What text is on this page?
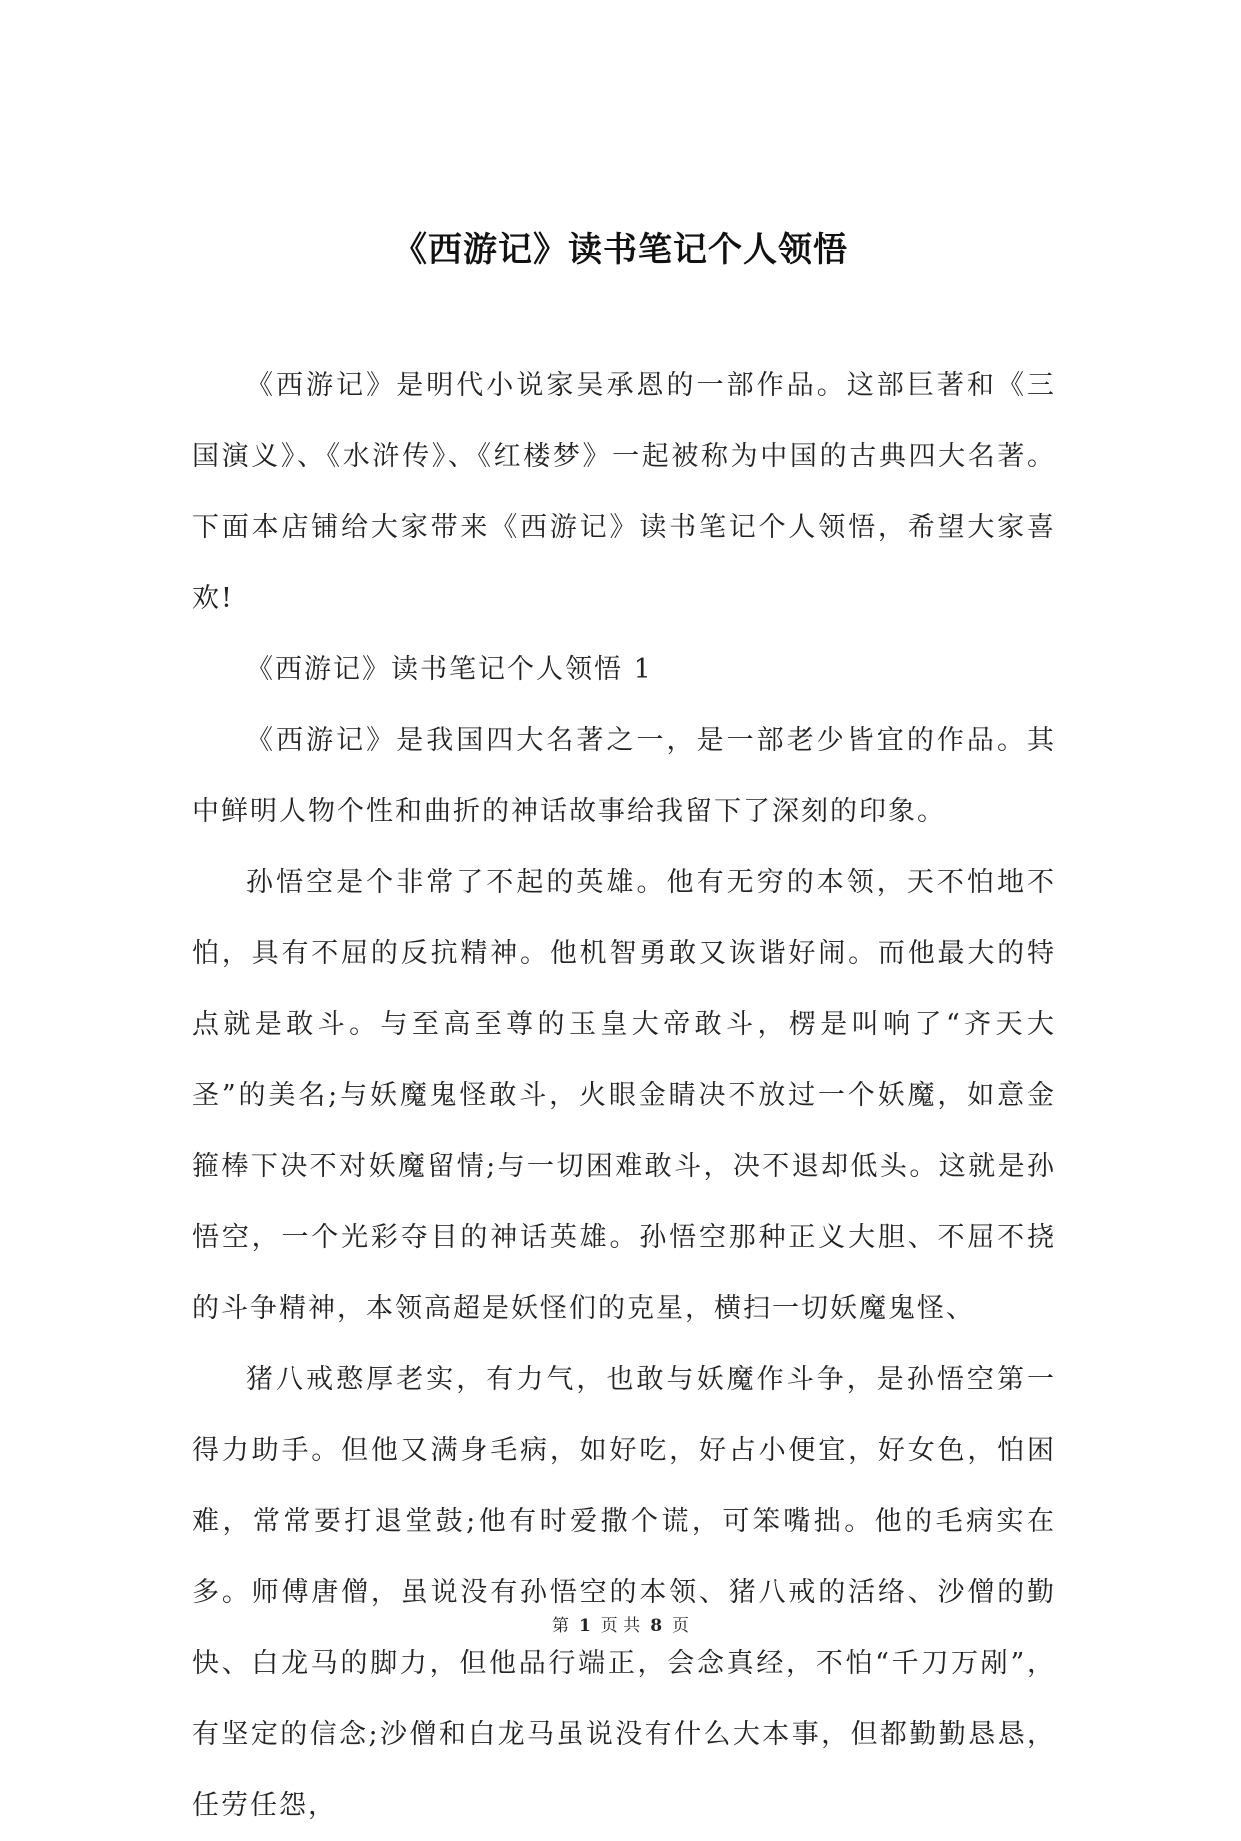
《西游记》读书笔记个人领悟

《西游记》是明代小说家吴承恩的一部作品。这部巨著和《三国演义》、《水浒传》、《红楼梦》一起被称为中国的古典四大名著。下面本店铺给大家带来《西游记》读书笔记个人领悟，希望大家喜欢!

《西游记》读书笔记个人领悟 1

《西游记》是我国四大名著之一，是一部老少皆宜的作品。其中鲜明人物个性和曲折的神话故事给我留下了深刻的印象。

孙悟空是个非常了不起的英雄。他有无穷的本领，天不怕地不怕，具有不屈的反抗精神。他机智勇敢又诙谐好闹。而他最大的特点就是敢斗。与至高至尊的玉皇大帝敢斗，楞是叫响了“齐天大圣”的美名;与妖魔鬼怪敢斗，火眼金睛决不放过一个妖魔，如意金箍棒下决不对妖魔留情;与一切困难敢斗，决不退却低头。这就是孙悟空，一个光彩夺目的神话英雄。孙悟空那种正义大胆、不屈不挠的斗争精神，本领高超是妖怪们的克星，横扫一切妖魔鬼怪、

猪八戒憨厚老实，有力气，也敢与妖魔作斗争，是孙悟空第一得力助手。但他又满身毛病，如好吃，好占小便宜，好女色，怕困难，常常要打退堂鼓;他有时爱撒个谎，可笨嘴拙。他的毛病实在多。师傅唐僧，虽说没有孙悟空的本领、猪八戒的活络、沙僧的勤快、白龙马的脚力，但他品行端正，会念真经，不怕“千刀万剐”，有坚定的信念;沙僧和白龙马虽说没有什么大本事，但都勤勤恳恳，任劳任怨，

第 1 页 共 8 页
